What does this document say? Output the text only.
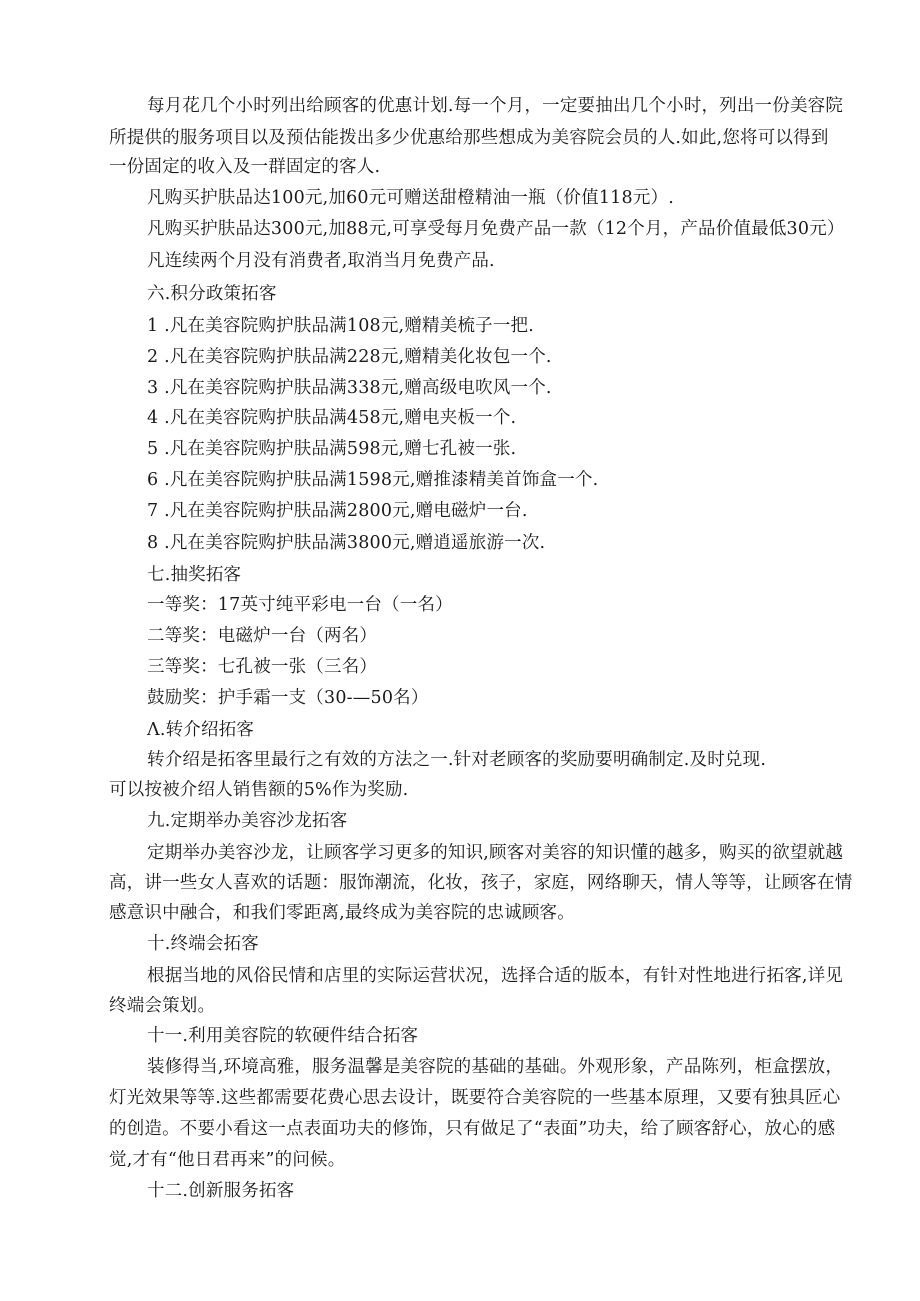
每月花几个小时列出给顾客的优惠计划.每一个月，一定要抽出几个小时，列出一份美容院
所提供的服务项目以及预估能拨出多少优惠给那些想成为美容院会员的人.如此,您将可以得到
一份固定的收入及一群固定的客人.
凡购买护肤品达100元,加60元可赠送甜橙精油一瓶（价值118元）.
凡购买护肤品达300元,加88元,可享受每月免费产品一款（12个月，产品价值最低30元）
凡连续两个月没有消费者,取消当月免费产品.
六.积分政策拓客
1 .凡在美容院购护肤品满108元,赠精美梳子一把.
2 .凡在美容院购护肤品满228元,赠精美化妆包一个.
3 .凡在美容院购护肤品满338元,赠高级电吹风一个.
4 .凡在美容院购护肤品满458元,赠电夹板一个.
5 .凡在美容院购护肤品满598元,赠七孔被一张.
6 .凡在美容院购护肤品满1598元,赠推漆精美首饰盒一个.
7 .凡在美容院购护肤品满2800元,赠电磁炉一台.
8 .凡在美容院购护肤品满3800元,赠逍遥旅游一次.
七.抽奖拓客
一等奖：17英寸纯平彩电一台（一名）
二等奖：电磁炉一台（两名）
三等奖：七孔被一张（三名）
鼓励奖：护手霜一支（30-—50名）
Λ.转介绍拓客
转介绍是拓客里最行之有效的方法之一.针对老顾客的奖励要明确制定.及时兑现.
可以按被介绍人销售额的5%作为奖励.
九.定期举办美容沙龙拓客
定期举办美容沙龙，让顾客学习更多的知识,顾客对美容的知识懂的越多，购买的欲望就越
高，讲一些女人喜欢的话题：服饰潮流，化妆，孩子，家庭，网络聊天，情人等等，让顾客在情
感意识中融合，和我们零距离,最终成为美容院的忠诚顾客。
十.终端会拓客
根据当地的风俗民情和店里的实际运营状况，选择合适的版本，有针对性地进行拓客,详见
终端会策划。
十一.利用美容院的软硬件结合拓客
装修得当,环境高雅，服务温馨是美容院的基础的基础。外观形象，产品陈列，柜盒摆放，
灯光效果等等.这些都需要花费心思去设计，既要符合美容院的一些基本原理，又要有独具匠心
的创造。不要小看这一点表面功夫的修饰，只有做足了“表面”功夫，给了顾客舒心，放心的感
觉,才有“他日君再来”的问候。
十二.创新服务拓客
